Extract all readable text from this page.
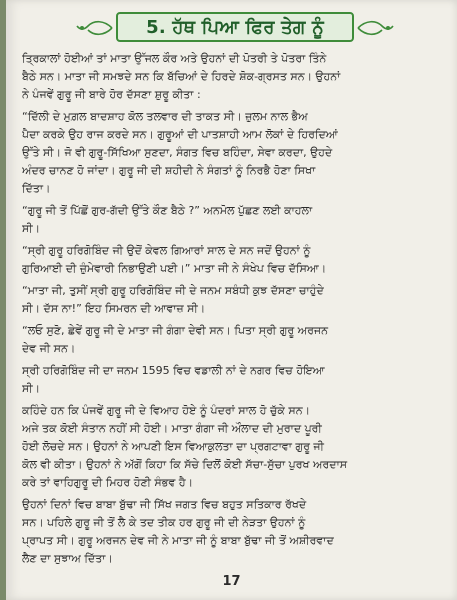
5. ਹੱਥ ਪਿਆ ਫਿਰ ਤੇਗ ਨੂੰ
ਤ੍ਰਿਕਾਲਾਂ ਹੋਈਆਂ ਤਾਂ ਮਾਤਾ ਉੱਜਲ ਕੌਰ ਅਤੇ ਉਹਨਾਂ ਦੀ ਪੋਤਰੀ ਤੇ ਪੋਤਰਾ ਤਿੰਨੇ
ਬੈਠੇ ਸਨ। ਮਾਤਾ ਜੀ ਸਮਝਦੇ ਸਨ ਕਿ ਬੱਚਿਆਂ ਦੇ ਹਿਰਦੇ ਸ਼ੋਕ-ਗ੍ਰਸਤ ਸਨ। ਉਹਨਾਂ
ਨੇ ਪੰਜਵੇਂ ਗੁਰੂ ਜੀ ਬਾਰੇ ਹੋਰ ਦੱਸਣਾ ਸ਼ੁਰੂ ਕੀਤਾ :
“ਦਿੱਲੀ ਦੇ ਮੁਗ਼ਲ ਬਾਦਸ਼ਾਹ ਕੋਲ ਤਲਵਾਰ ਦੀ ਤਾਕਤ ਸੀ। ਜ਼ੁਲਮ ਨਾਲ ਭੈਅ
ਪੈਦਾ ਕਰਕੇ ਉਹ ਰਾਜ ਕਰਦੇ ਸਨ। ਗੁਰੂਆਂ ਦੀ ਪਾਤਸ਼ਾਹੀ ਆਮ ਲੋਕਾਂ ਦੇ ਹਿਰਦਿਆਂ
ਉੱਤੇ ਸੀ। ਜੋ ਵੀ ਗੁਰੂ-ਸਿੱਖਿਆ ਸੁਣਦਾ, ਸੰਗਤ ਵਿਚ ਬਹਿੰਦਾ, ਸੇਵਾ ਕਰਦਾ, ਉਹਦੇ
ਅੰਦਰ ਚਾਨਣ ਹੋ ਜਾਂਦਾ। ਗੁਰੂ ਜੀ ਦੀ ਸ਼ਹੀਦੀ ਨੇ ਸੰਗਤਾਂ ਨੂੰ ਨਿਰਭੈ ਹੋਣਾ ਸਿਖਾ
ਦਿੱਤਾ।
“ਗੁਰੂ ਜੀ ਤੋਂ ਪਿੱਛੋਂ ਗੁਰ-ਗੱਦੀ ਉੱਤੇ ਕੌਣ ਬੈਠੇ ?” ਅਨਮੋਲ ਪੁੱਛਣ ਲਈ ਕਾਹਲਾ
ਸੀ।
“ਸ੍ਰੀ ਗੁਰੂ ਹਰਿਗੋਬਿੰਦ ਜੀ ਉਦੋਂ ਕੇਵਲ ਗਿਆਰਾਂ ਸਾਲ ਦੇ ਸਨ ਜਦੋਂ ਉਹਨਾਂ ਨੂੰ
ਗੁਰਿਆਈ ਦੀ ਜ਼ੁੰਮੇਵਾਰੀ ਨਿਭਾਉਣੀ ਪਈ।” ਮਾਤਾ ਜੀ ਨੇ ਸੰਖੇਪ ਵਿਚ ਦੱਸਿਆ।
“ਮਾਤਾ ਜੀ, ਤੁਸੀਂ ਸ੍ਰੀ ਗੁਰੂ ਹਰਿਗੋਬਿੰਦ ਜੀ ਦੇ ਜਨਮ ਸਬੰਧੀ ਕੁਝ ਦੱਸਣਾ ਚਾਹੁੰਦੇ
ਸੀ। ਦੱਸ ਨਾ!” ਇਹ ਸਿਮਰਨ ਦੀ ਆਵਾਜ਼ ਸੀ।
“ਲਓ ਸੁਣੋ, ਛੇਵੇਂ ਗੁਰੂ ਜੀ ਦੇ ਮਾਤਾ ਜੀ ਗੰਗਾ ਦੇਵੀ ਸਨ। ਪਿਤਾ ਸ੍ਰੀ ਗੁਰੂ ਅਰਜਨ
ਦੇਵ ਜੀ ਸਨ।
ਸ੍ਰੀ ਹਰਿਗੋਬਿੰਦ ਜੀ ਦਾ ਜਨਮ 1595 ਵਿਚ ਵਡਾਲੀ ਨਾਂ ਦੇ ਨਗਰ ਵਿਚ ਹੋਇਆ
ਸੀ।
ਕਹਿੰਦੇ ਹਨ ਕਿ ਪੰਜਵੇਂ ਗੁਰੂ ਜੀ ਦੇ ਵਿਆਹ ਹੋਏ ਨੂੰ ਪੰਦਰਾਂ ਸਾਲ ਹੋ ਚੁੱਕੇ ਸਨ।
ਅਜੇ ਤਕ ਕੋਈ ਸੰਤਾਨ ਨਹੀਂ ਸੀ ਹੋਈ। ਮਾਤਾ ਗੰਗਾ ਜੀ ਔਲਾਦ ਦੀ ਮੁਰਾਦ ਪੂਰੀ
ਹੋਈ ਲੋਚਦੇ ਸਨ। ਉਹਨਾਂ ਨੇ ਆਪਣੀ ਇਸ ਵਿਆਕੁਲਤਾ ਦਾ ਪ੍ਰਗਟਾਵਾ ਗੁਰੂ ਜੀ
ਕੋਲ ਵੀ ਕੀਤਾ। ਉਹਨਾਂ ਨੇ ਅੱਗੋਂ ਕਿਹਾ ਕਿ ਸੱਚੇ ਦਿਲੋਂ ਕੋਈ ਸੱਚਾ-ਸੁੱਚਾ ਪੁਰਖ ਅਰਦਾਸ
ਕਰੇ ਤਾਂ ਵਾਹਿਗੁਰੂ ਦੀ ਮਿਹਰ ਹੋਣੀ ਸੰਭਵ ਹੈ।
ਉਹਨਾਂ ਦਿਨਾਂ ਵਿਚ ਬਾਬਾ ਬੁੱਢਾ ਜੀ ਸਿੱਖ ਜਗਤ ਵਿਚ ਬਹੁਤ ਸਤਿਕਾਰ ਰੱਖਦੇ
ਸਨ। ਪਹਿਲੇ ਗੁਰੂ ਜੀ ਤੋਂ ਲੈ ਕੇ ਤਦ ਤੀਕ ਹਰ ਗੁਰੂ ਜੀ ਦੀ ਨੇੜਤਾ ਉਹਨਾਂ ਨੂੰ
ਪ੍ਰਾਪਤ ਸੀ। ਗੁਰੂ ਅਰਜਨ ਦੇਵ ਜੀ ਨੇ ਮਾਤਾ ਜੀ ਨੂੰ ਬਾਬਾ ਬੁੱਢਾ ਜੀ ਤੋਂ ਅਸ਼ੀਰਵਾਦ
ਲੈਣ ਦਾ ਸੁਝਾਅ ਦਿੱਤਾ।
17
